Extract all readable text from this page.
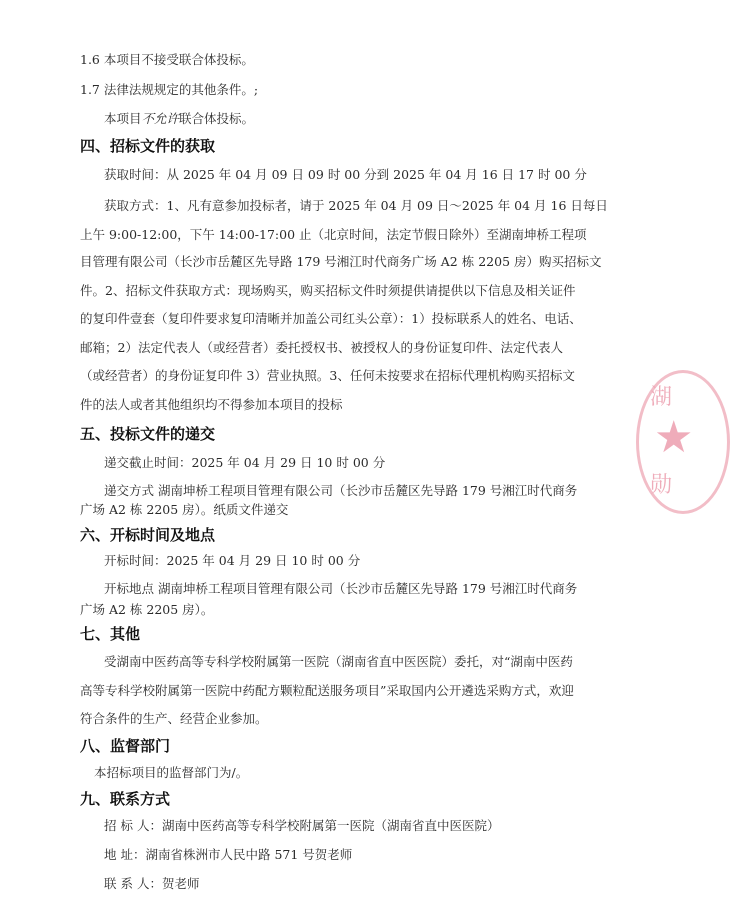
1.6 本项目不接受联合体投标。
1.7 法律法规规定的其他条件。;
本项目不允许联合体投标。
四、招标文件的获取
获取时间：从 2025 年 04 月 09 日 09 时 00 分到 2025 年 04 月 16 日 17 时 00 分
获取方式：1、凡有意参加投标者，请于 2025 年 04 月 09 日～2025 年 04 月 16 日每日
上午 9:00-12:00，下午 14:00-17:00 止（北京时间，法定节假日除外）至湖南坤桥工程项
目管理有限公司（长沙市岳麓区先导路 179 号湘江时代商务广场 A2 栋 2205 房）购买招标文
件。2、招标文件获取方式：现场购买，购买招标文件时须提供请提供以下信息及相关证件
的复印件壹套（复印件要求复印清晰并加盖公司红头公章）：1）投标联系人的姓名、电话、
邮箱；2）法定代表人（或经营者）委托授权书、被授权人的身份证复印件、法定代表人
（或经营者）的身份证复印件 3）营业执照。3、任何未按要求在招标代理机构购买招标文
件的法人或者其他组织均不得参加本项目的投标
五、投标文件的递交
递交截止时间：2025 年 04 月 29 日 10 时 00 分
递交方式 湖南坤桥工程项目管理有限公司（长沙市岳麓区先导路 179 号湘江时代商务
广场 A2 栋 2205 房）。纸质文件递交
六、开标时间及地点
开标时间：2025 年 04 月 29 日 10 时 00 分
开标地点 湖南坤桥工程项目管理有限公司（长沙市岳麓区先导路 179 号湘江时代商务
广场 A2 栋 2205 房）。
七、其他
受湖南中医药高等专科学校附属第一医院（湖南省直中医医院）委托，对“湖南中医药
高等专科学校附属第一医院中药配方颗粒配送服务项目”采取国内公开遴选采购方式，欢迎
符合条件的生产、经营企业参加。
八、监督部门
本招标项目的监督部门为/。
九、联系方式
招 标 人：湖南中医药高等专科学校附属第一医院（湖南省直中医医院）
地 址：湖南省株洲市人民中路 571 号贺老师
联 系 人：贺老师
湖
★
勋
